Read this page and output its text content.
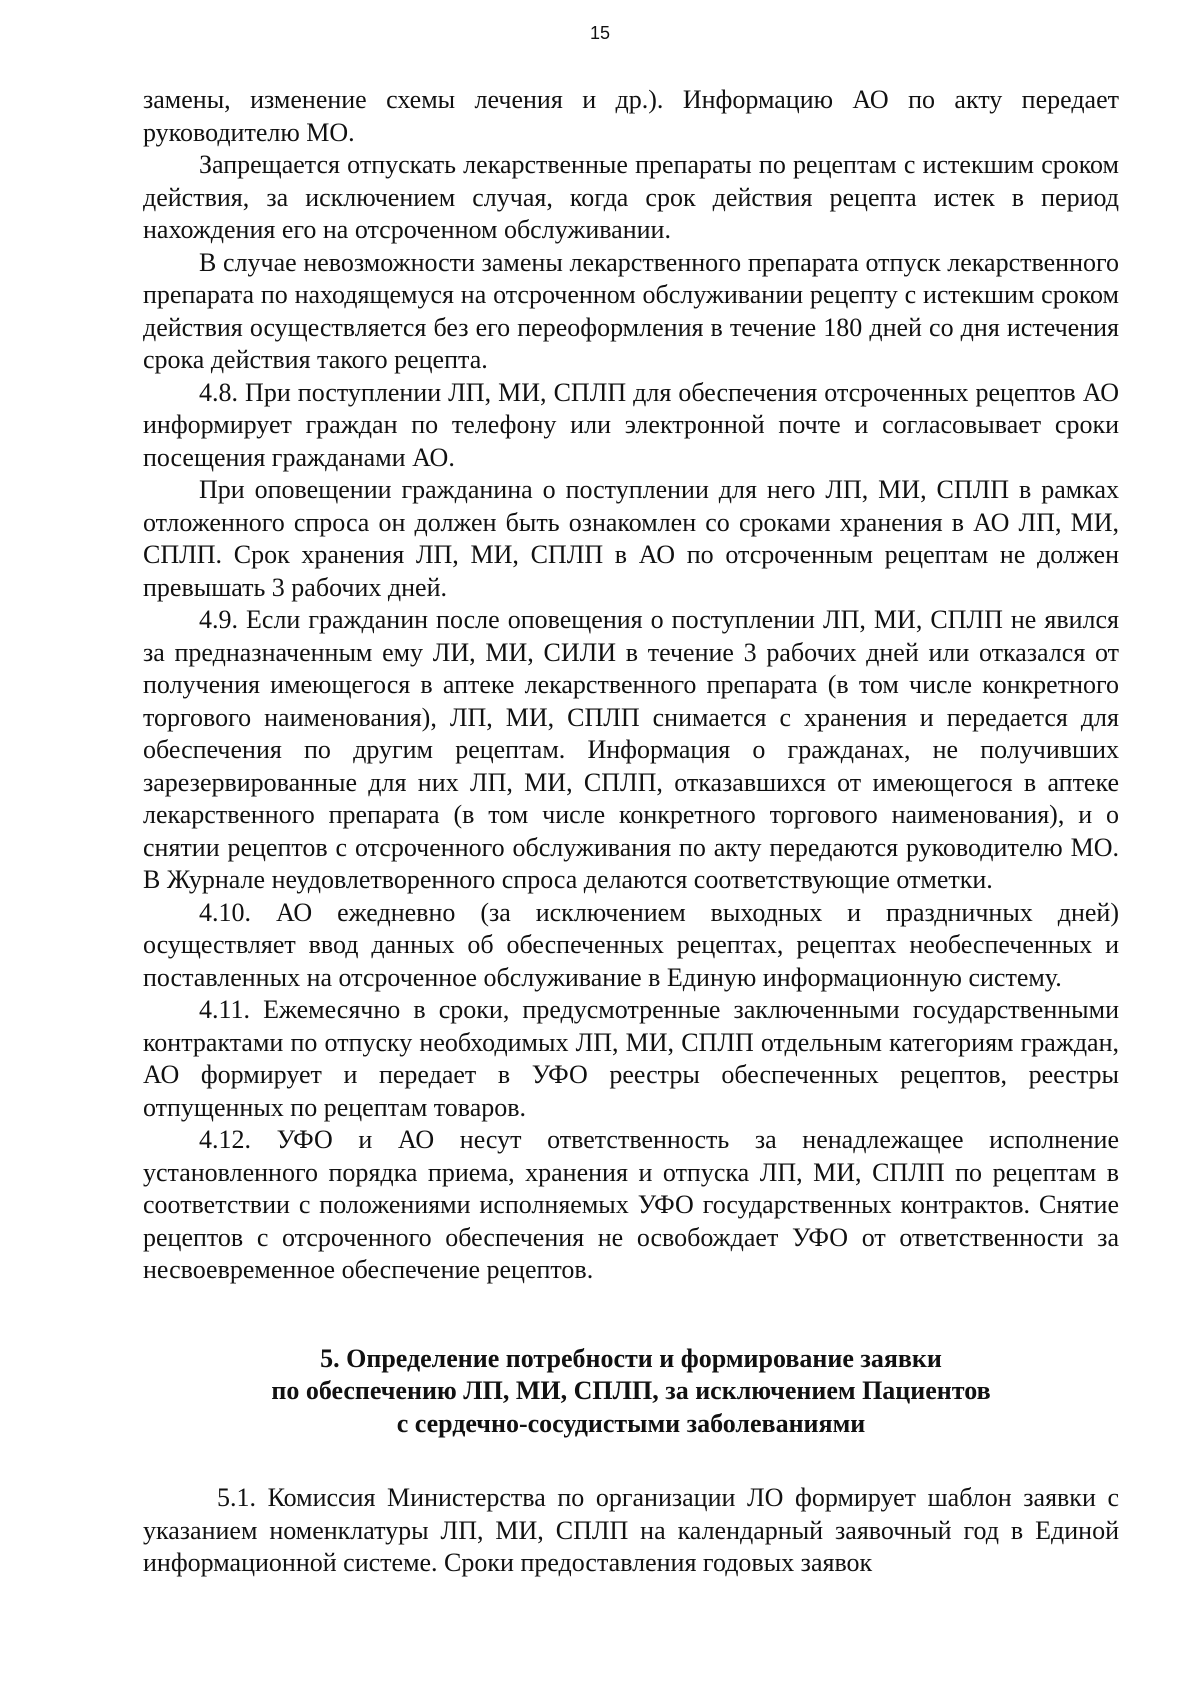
15

замены, изменение схемы лечения и др.). Информацию АО по акту передает руководителю МО.

Запрещается отпускать лекарственные препараты по рецептам с истекшим сроком действия, за исключением случая, когда срок действия рецепта истек в период нахождения его на отсроченном обслуживании.

В случае невозможности замены лекарственного препарата отпуск лекарственного препарата по находящемуся на отсроченном обслуживании рецепту с истекшим сроком действия осуществляется без его переоформления в течение 180 дней со дня истечения срока действия такого рецепта.

4.8. При поступлении ЛП, МИ, СПЛП для обеспечения отсроченных рецептов АО информирует граждан по телефону или электронной почте и согласовывает сроки посещения гражданами АО.

При оповещении гражданина о поступлении для него ЛП, МИ, СПЛП в рамках отложенного спроса он должен быть ознакомлен со сроками хранения в АО ЛП, МИ, СПЛП. Срок хранения ЛП, МИ, СПЛП в АО по отсроченным рецептам не должен превышать 3 рабочих дней.

4.9. Если гражданин после оповещения о поступлении ЛП, МИ, СПЛП не явился за предназначенным ему ЛИ, МИ, СИЛИ в течение 3 рабочих дней или отказался от получения имеющегося в аптеке лекарственного препарата (в том числе конкретного торгового наименования), ЛП, МИ, СПЛП снимается с хранения и передается для обеспечения по другим рецептам. Информация о гражданах, не получивших зарезервированные для них ЛП, МИ, СПЛП, отказавшихся от имеющегося в аптеке лекарственного препарата (в том числе конкретного торгового наименования), и о снятии рецептов с отсроченного обслуживания по акту передаются руководителю МО. В Журнале неудовлетворенного спроса делаются соответствующие отметки.

4.10. АО ежедневно (за исключением выходных и праздничных дней) осуществляет ввод данных об обеспеченных рецептах, рецептах необеспеченных и поставленных на отсроченное обслуживание в Единую информационную систему.

4.11. Ежемесячно в сроки, предусмотренные заключенными государственными контрактами по отпуску необходимых ЛП, МИ, СПЛП отдельным категориям граждан, АО формирует и передает в УФО реестры обеспеченных рецептов, реестры отпущенных по рецептам товаров.

4.12. УФО и АО несут ответственность за ненадлежащее исполнение установленного порядка приема, хранения и отпуска ЛП, МИ, СПЛП по рецептам в соответствии с положениями исполняемых УФО государственных контрактов. Снятие рецептов с отсроченного обеспечения не освобождает УФО от ответственности за несвоевременное обеспечение рецептов.

5. Определение потребности и формирование заявки
по обеспечению ЛП, МИ, СПЛП, за исключением Пациентов
с сердечно-сосудистыми заболеваниями

5.1. Комиссия Министерства по организации ЛО формирует шаблон заявки с указанием номенклатуры ЛП, МИ, СПЛП на календарный заявочный год в Единой информационной системе. Сроки предоставления годовых заявок
